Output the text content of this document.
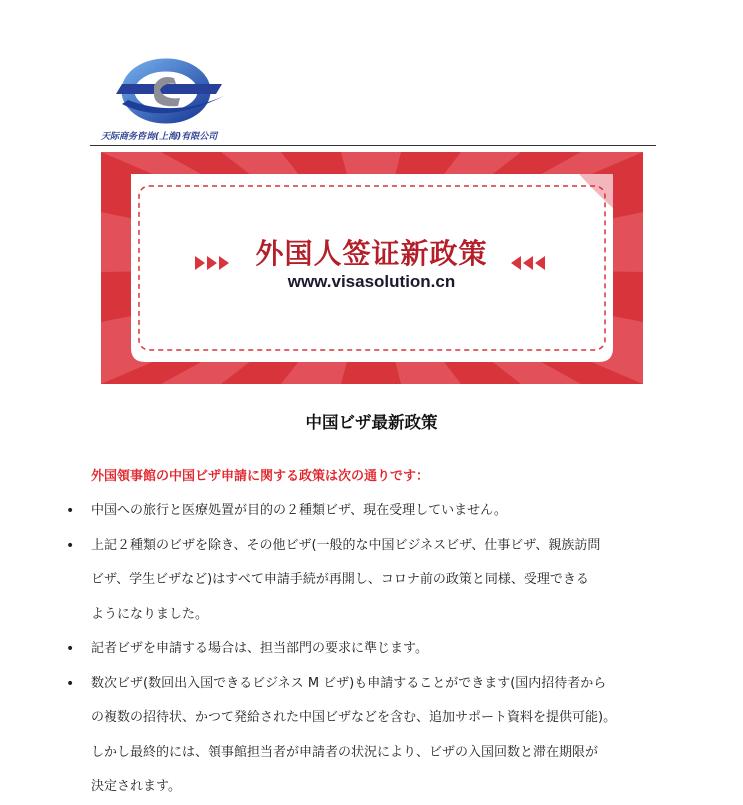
天际商务咨询(上海)有限公司
外国人签证新政策
www.visasolution.cn
中国ビザ最新政策
外国領事館の中国ビザ申請に関する政策は次の通りです：
• 中国への旅行と医療処置が目的の２種類ビザ、現在受理していません。
• 上記２種類のビザを除き、その他ビザ(一般的な中国ビジネスビザ、仕事ビザ、親族訪問
ビザ、学生ビザなど)はすべて申請手続が再開し、コロナ前の政策と同様、受理できる
ようになりました。
• 記者ビザを申請する場合は、担当部門の要求に準じます。
• 数次ビザ(数回出入国できるビジネス M ビザ)も申請することができます(国内招待者から
の複数の招待状、かつて発給された中国ビザなどを含む、追加サポート資料を提供可能)。
しかし最終的には、領事館担当者が申請者の状況により、ビザの入国回数と滞在期限が
決定されます。
